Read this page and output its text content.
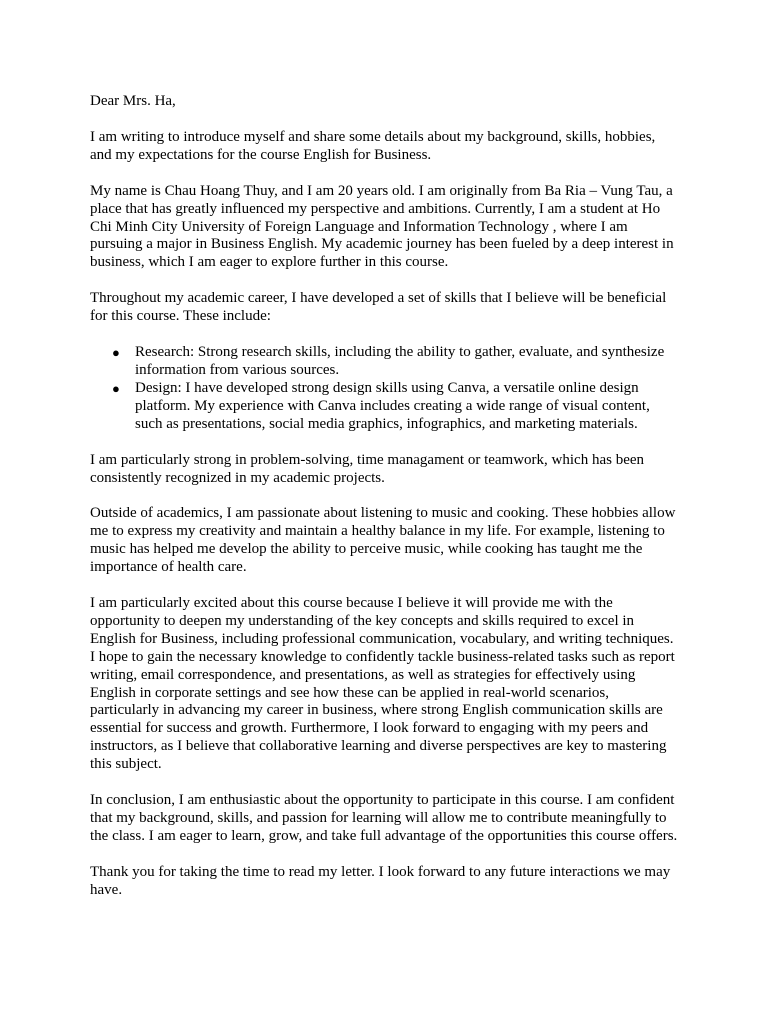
Dear Mrs. Ha,

I am writing to introduce myself and share some details about my background, skills, hobbies, and my expectations for the course English for Business.

My name is Chau Hoang Thuy, and I am 20 years old. I am originally from Ba Ria – Vung Tau, a place that has greatly influenced my perspective and ambitions. Currently, I am a student at Ho Chi Minh City University of Foreign Language and Information Technology , where I am pursuing a major in Business English. My academic journey has been fueled by a deep interest in business, which I am eager to explore further in this course.

Throughout my academic career, I have developed a set of skills that I believe will be beneficial for this course. These include:

● Research: Strong research skills, including the ability to gather, evaluate, and synthesize information from various sources.
● Design: I have developed strong design skills using Canva, a versatile online design platform. My experience with Canva includes creating a wide range of visual content, such as presentations, social media graphics, infographics, and marketing materials.

I am particularly strong in problem-solving, time managament or teamwork, which has been consistently recognized in my academic projects.

Outside of academics, I am passionate about listening to music and cooking. These hobbies allow me to express my creativity and maintain a healthy balance in my life. For example, listening to music has helped me develop the ability to perceive music, while cooking has taught me the importance of health care.

I am particularly excited about this course because I believe it will provide me with the opportunity to deepen my understanding of the key concepts and skills required to excel in English for Business, including professional communication, vocabulary, and writing techniques. I hope to gain the necessary knowledge to confidently tackle business-related tasks such as report writing, email correspondence, and presentations, as well as strategies for effectively using English in corporate settings and see how these can be applied in real-world scenarios, particularly in advancing my career in business, where strong English communication skills are essential for success and growth. Furthermore, I look forward to engaging with my peers and instructors, as I believe that collaborative learning and diverse perspectives are key to mastering this subject.

In conclusion, I am enthusiastic about the opportunity to participate in this course. I am confident that my background, skills, and passion for learning will allow me to contribute meaningfully to the class. I am eager to learn, grow, and take full advantage of the opportunities this course offers.

Thank you for taking the time to read my letter. I look forward to any future interactions we may have.
